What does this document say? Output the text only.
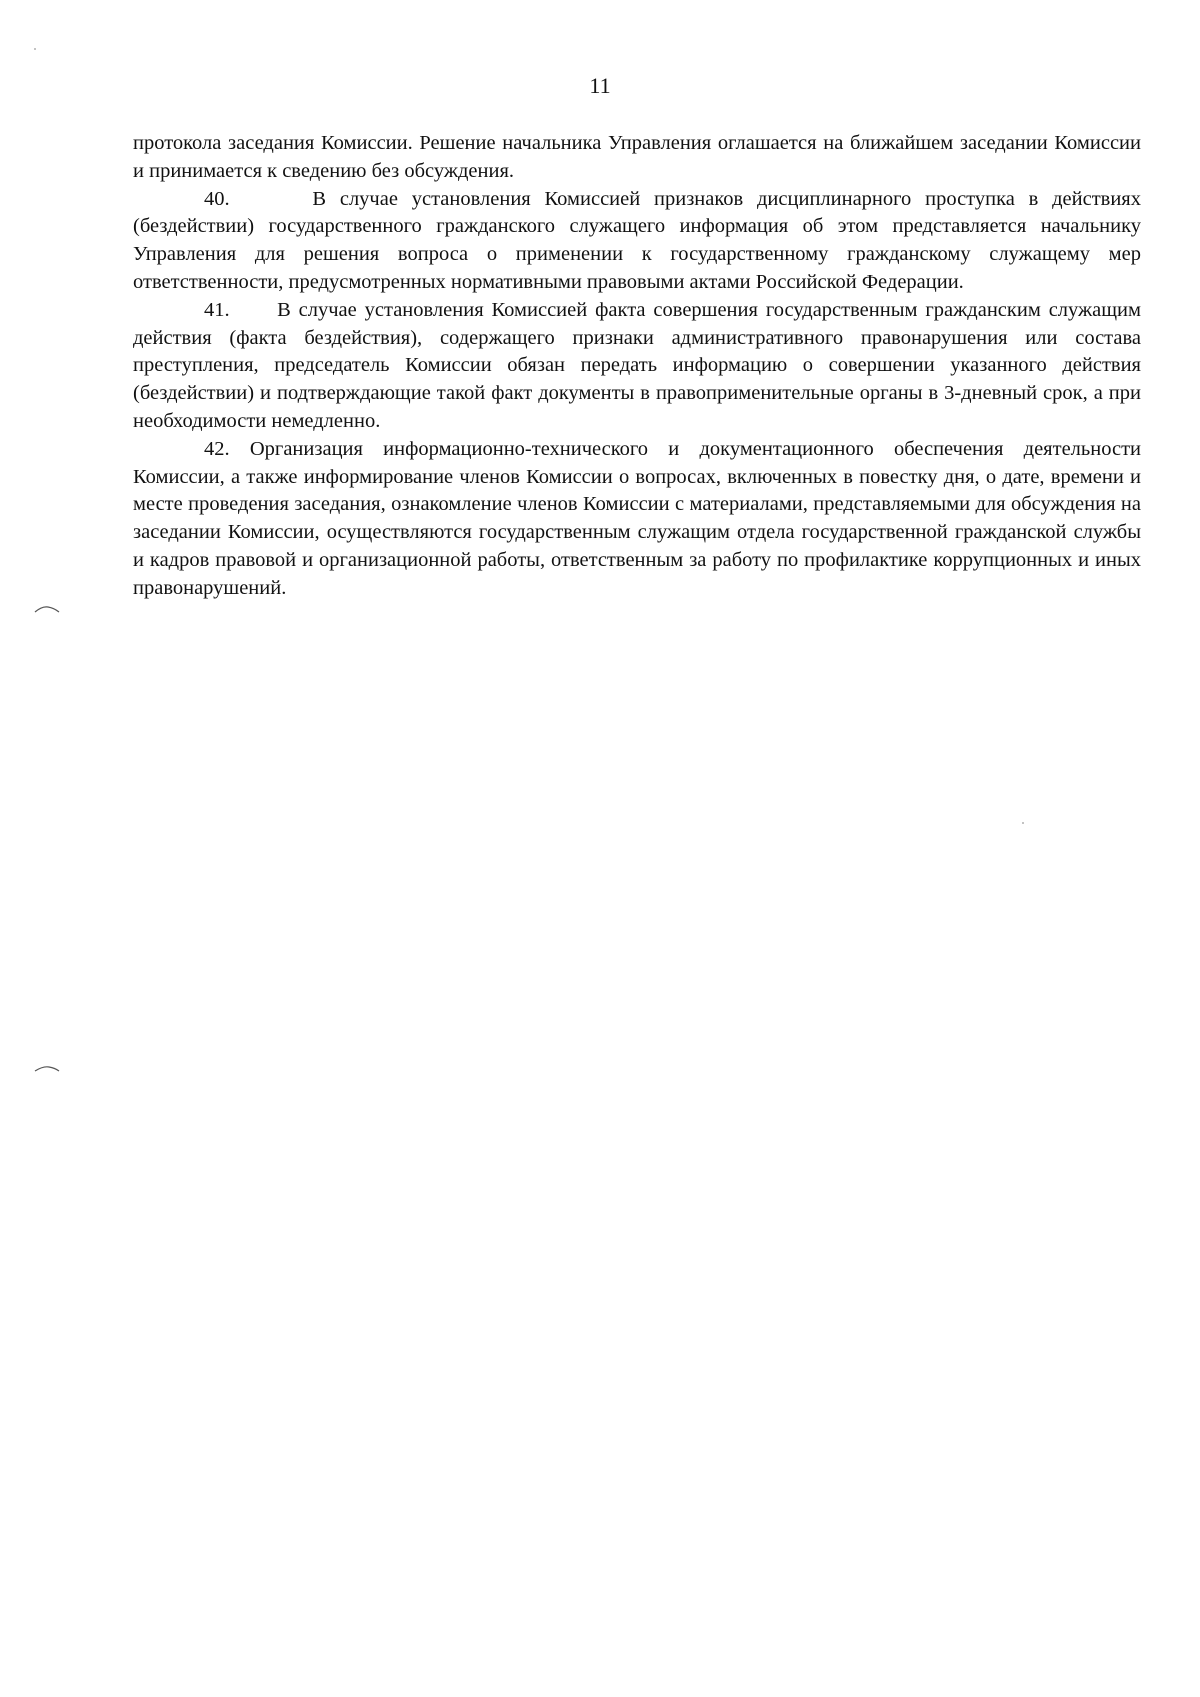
11

протокола заседания Комиссии. Решение начальника Управления оглашается на ближайшем заседании Комиссии и принимается к сведению без обсуждения.

40.	В случае установления Комиссией признаков дисциплинарного проступка в действиях (бездействии) государственного гражданского служащего информация об этом представляется начальнику Управления для решения вопроса о применении к государственному гражданскому служащему мер ответственности, предусмотренных нормативными правовыми актами Российской Федерации.

41. В случае установления Комиссией факта совершения государственным гражданским служащим действия (факта бездействия), содержащего признаки административного правонарушения или состава преступления, председатель Комиссии обязан передать информацию о совершении указанного действия (бездействии) и подтверждающие такой факт документы в правоприменительные органы в 3-дневный срок, а при необходимости немедленно.

42. Организация информационно-технического и документационного обеспечения деятельности Комиссии, а также информирование членов Комиссии о вопросах, включенных в повестку дня, о дате, времени и месте проведения заседания, ознакомление членов Комиссии с материалами, представляемыми для обсуждения на заседании Комиссии, осуществляются государственным служащим отдела государственной гражданской службы и кадров правовой и организационной работы, ответственным за работу по профилактике коррупционных и иных правонарушений.
